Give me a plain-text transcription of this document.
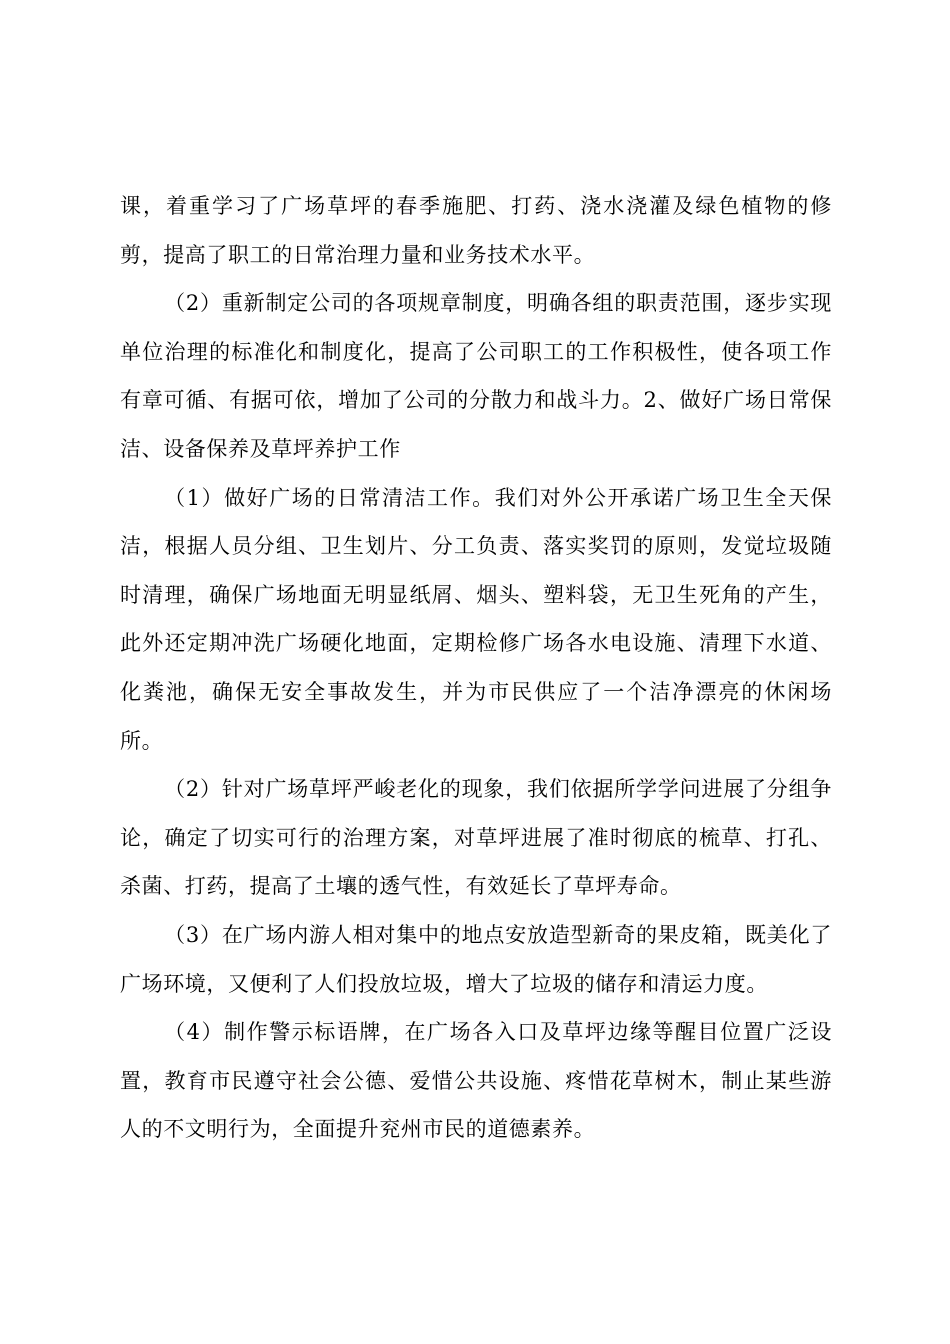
课，着重学习了广场草坪的春季施肥、打药、浇水浇灌及绿色植物的修剪，提高了职工的日常治理力量和业务技术水平。

（2）重新制定公司的各项规章制度，明确各组的职责范围，逐步实现单位治理的标准化和制度化，提高了公司职工的工作积极性，使各项工作有章可循、有据可依，增加了公司的分散力和战斗力。2、做好广场日常保洁、设备保养及草坪养护工作

（1）做好广场的日常清洁工作。我们对外公开承诺广场卫生全天保洁，根据人员分组、卫生划片、分工负责、落实奖罚的原则，发觉垃圾随时清理，确保广场地面无明显纸屑、烟头、塑料袋，无卫生死角的产生，此外还定期冲洗广场硬化地面，定期检修广场各水电设施、清理下水道、化粪池，确保无安全事故发生，并为市民供应了一个洁净漂亮的休闲场所。

（2）针对广场草坪严峻老化的现象，我们依据所学学问进展了分组争论，确定了切实可行的治理方案，对草坪进展了准时彻底的梳草、打孔、杀菌、打药，提高了土壤的透气性，有效延长了草坪寿命。

（3）在广场内游人相对集中的地点安放造型新奇的果皮箱，既美化了广场环境，又便利了人们投放垃圾，增大了垃圾的储存和清运力度。

（4）制作警示标语牌，在广场各入口及草坪边缘等醒目位置广泛设置，教育市民遵守社会公德、爱惜公共设施、疼惜花草树木，制止某些游人的不文明行为，全面提升兖州市民的道德素养。
